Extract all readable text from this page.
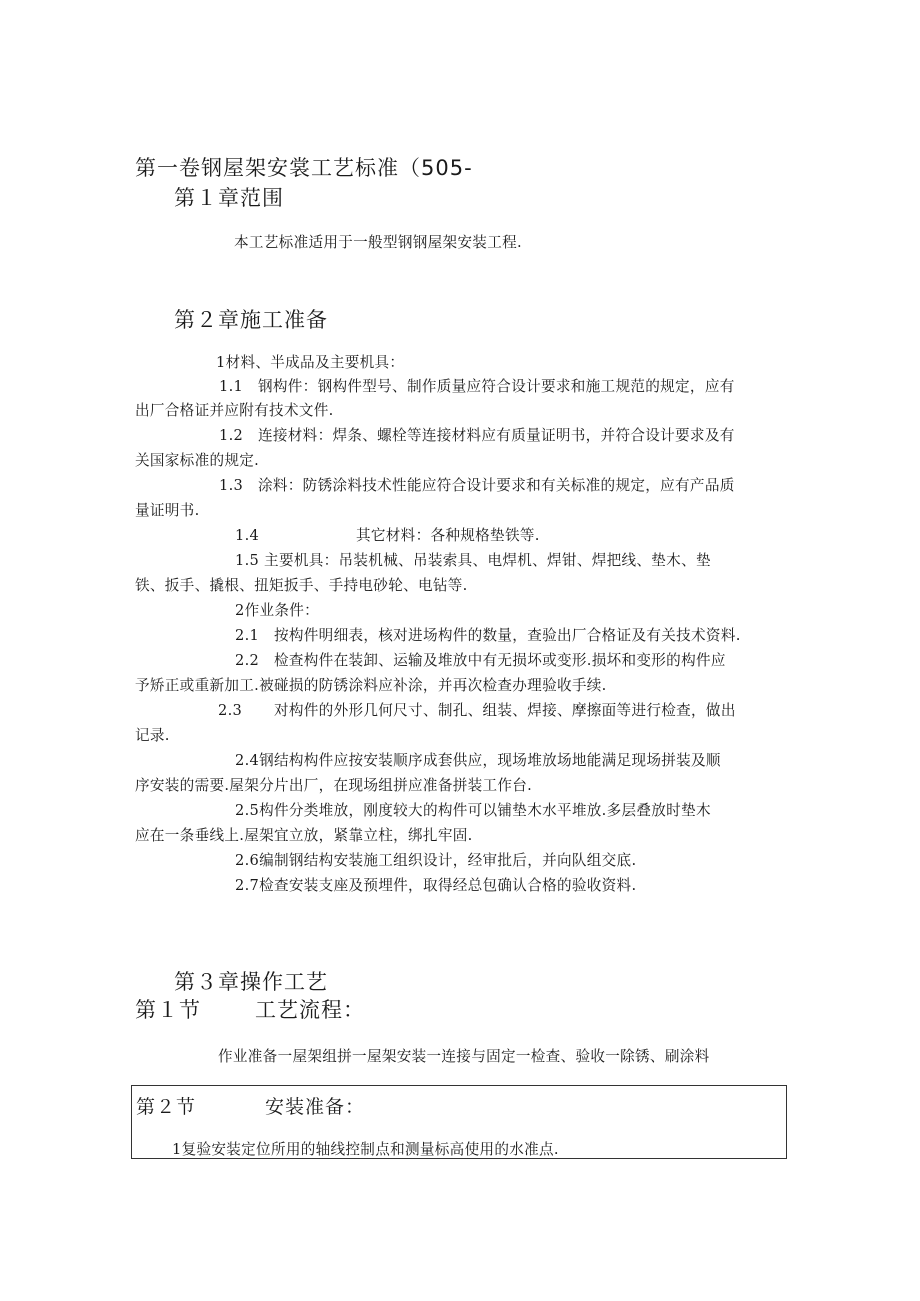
第一卷钢屋架安裳工艺标准（505-
第１章范围
本工艺标准适用于一般型钢钢屋架安装工程.
第２章施工准备
1材料、半成品及主要机具：
1.1　钢构件：钢构件型号、制作质量应符合设计要求和施工规范的规定，应有
出厂合格证并应附有技术文件.
1.2　连接材料：焊条、螺栓等连接材料应有质量证明书，并符合设计要求及有
关国家标准的规定.
1.3　涂料：防锈涂料技术性能应符合设计要求和有关标准的规定，应有产品质
量证明书.
1.4	其它材料：各种规格垫铁等.
1.5 主要机具：吊装机械、吊装索具、电焊机、焊钳、焊把线、垫木、垫
铁、扳手、撬根、扭矩扳手、手持电砂轮、电钻等.
2作业条件：
2.1　按构件明细表，核对进场构件的数量，查验出厂合格证及有关技术资料.
2.2　检查构件在装卸、运输及堆放中有无损坏或变形.损坏和变形的构件应
予矫正或重新加工.被碰损的防锈涂料应补涂，并再次检查办理验收手续.
2.3 对构件的外形几何尺寸、制孔、组装、焊接、摩擦面等进行检查，做出
记录.
2.4钢结构构件应按安装顺序成套供应，现场堆放场地能满足现场拼装及顺
序安装的需要.屋架分片出厂，在现场组拼应准备拼装工作台.
2.5构件分类堆放，刚度较大的构件可以铺垫木水平堆放.多层叠放时垫木
应在一条垂线上.屋架宜立放，紧靠立柱，绑扎牢固.
2.6编制钢结构安装施工组织设计，经审批后，并向队组交底.
2.7检查安装支座及预埋件，取得经总包确认合格的验收资料.
第３章操作工艺
第１节	工艺流程：
作业准备一屋架组拼一屋架安装一连接与固定一检查、验收一除锈、刷涂料
第２节	安装准备：
1复验安装定位所用的轴线控制点和测量标高使用的水准点.
